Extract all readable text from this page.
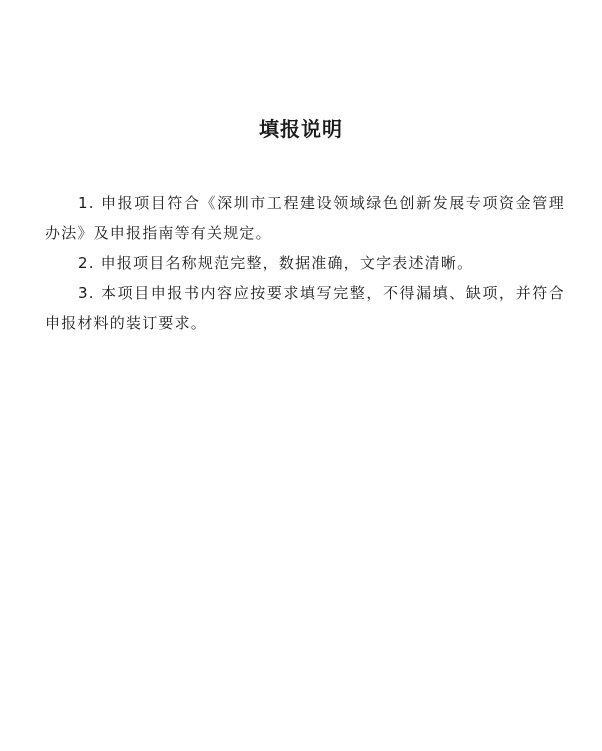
填报说明

1. 申报项目符合《深圳市工程建设领域绿色创新发展专项资金管理办法》及申报指南等有关规定。

2. 申报项目名称规范完整，数据准确，文字表述清晰。

3. 本项目申报书内容应按要求填写完整，不得漏填、缺项，并符合申报材料的装订要求。
